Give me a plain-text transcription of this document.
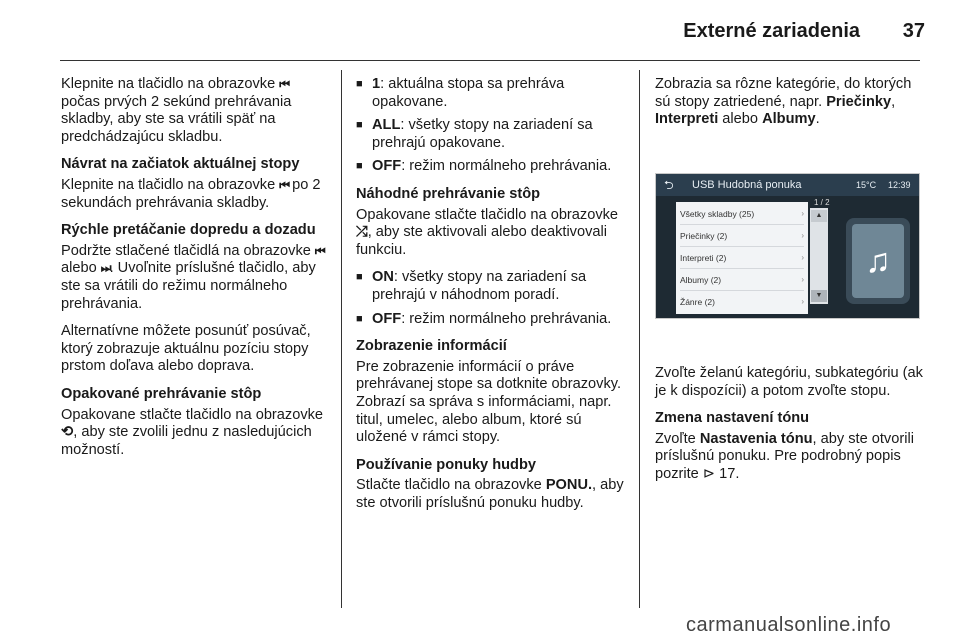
Externé zariadenia	37

Klepnite na tlačidlo na obrazovke ⏮ počas prvých 2 sekúnd prehrávania skladby, aby ste sa vrátili späť na predchádzajúcu skladbu.

Návrat na začiatok aktuálnej stopy

Klepnite na tlačidlo na obrazovke ⏮ po 2 sekundách prehrávania skladby.

Rýchle pretáčanie dopredu a dozadu

Podržte stlačené tlačidlá na obrazovke ⏮ alebo ⏭. Uvoľnite príslušné tlačidlo, aby ste sa vrátili do režimu normálneho prehrávania.

Alternatívne môžete posunúť posúvač, ktorý zobrazuje aktuálnu pozíciu stopy prstom doľava alebo doprava.

Opakované prehrávanie stôp

Opakovane stlačte tlačidlo na obrazovke ⟲, aby ste zvolili jednu z nasledujúcich možností.

■ 1: aktuálna stopa sa prehráva opakovane.
■ ALL: všetky stopy na zariadení sa prehrajú opakovane.
■ OFF: režim normálneho prehrávania.

Náhodné prehrávanie stôp

Opakovane stlačte tlačidlo na obrazovke ⤮, aby ste aktivovali alebo deaktivovali funkciu.

■ ON: všetky stopy na zariadení sa prehrajú v náhodnom poradí.
■ OFF: režim normálneho prehrávania.

Zobrazenie informácií

Pre zobrazenie informácií o práve prehrávanej stope sa dotknite obrazovky. Zobrazí sa správa s informáciami, napr. titul, umelec, alebo album, ktoré sú uložené v rámci stopy.

Používanie ponuky hudby

Stlačte tlačidlo na obrazovke PONU., aby ste otvorili príslušnú ponuku hudby.

Zobrazia sa rôzne kategórie, do ktorých sú stopy zatriedené, napr. Priečinky, Interpreti alebo Albumy.

⮌ USB Hudobná ponuka	15°C 12:39
Všetky skladby (25)	›
Priečinky (2)	›
Interpreti (2)	›
Albumy (2)	›
Žánre (2)	›
1 / 2
▲
▼
♫

Zvoľte želanú kategóriu, subkategóriu (ak je k dispozícii) a potom zvoľte stopu.

Zmena nastavení tónu

Zvoľte Nastavenia tónu, aby ste otvorili príslušnú ponuku. Pre podrobný popis pozrite ⊳ 17.

carmanualsonline.info
